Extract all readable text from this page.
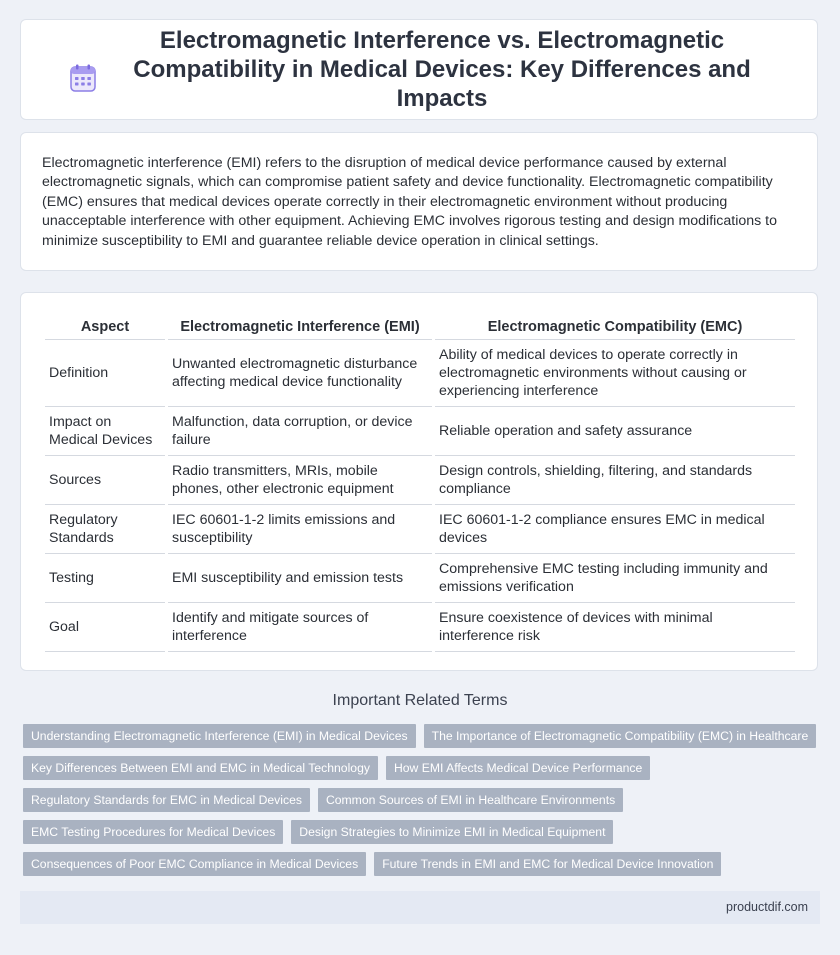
Electromagnetic Interference vs. Electromagnetic Compatibility in Medical Devices: Key Differences and Impacts

Electromagnetic interference (EMI) refers to the disruption of medical device performance caused by external electromagnetic signals, which can compromise patient safety and device functionality. Electromagnetic compatibility (EMC) ensures that medical devices operate correctly in their electromagnetic environment without producing unacceptable interference with other equipment. Achieving EMC involves rigorous testing and design modifications to minimize susceptibility to EMI and guarantee reliable device operation in clinical settings.

Aspect	Electromagnetic Interference (EMI)	Electromagnetic Compatibility (EMC)
Definition	Unwanted electromagnetic disturbance affecting medical device functionality	Ability of medical devices to operate correctly in electromagnetic environments without causing or experiencing interference
Impact on Medical Devices	Malfunction, data corruption, or device failure	Reliable operation and safety assurance
Sources	Radio transmitters, MRIs, mobile phones, other electronic equipment	Design controls, shielding, filtering, and standards compliance
Regulatory Standards	IEC 60601-1-2 limits emissions and susceptibility	IEC 60601-1-2 compliance ensures EMC in medical devices
Testing	EMI susceptibility and emission tests	Comprehensive EMC testing including immunity and emissions verification
Goal	Identify and mitigate sources of interference	Ensure coexistence of devices with minimal interference risk
Important Related Terms
Understanding Electromagnetic Interference (EMI) in Medical Devices	The Importance of Electromagnetic Compatibility (EMC) in Healthcare
Key Differences Between EMI and EMC in Medical Technology	How EMI Affects Medical Device Performance
Regulatory Standards for EMC in Medical Devices	Common Sources of EMI in Healthcare Environments
EMC Testing Procedures for Medical Devices	Design Strategies to Minimize EMI in Medical Equipment
Consequences of Poor EMC Compliance in Medical Devices	Future Trends in EMI and EMC for Medical Device Innovation
productdif.com
